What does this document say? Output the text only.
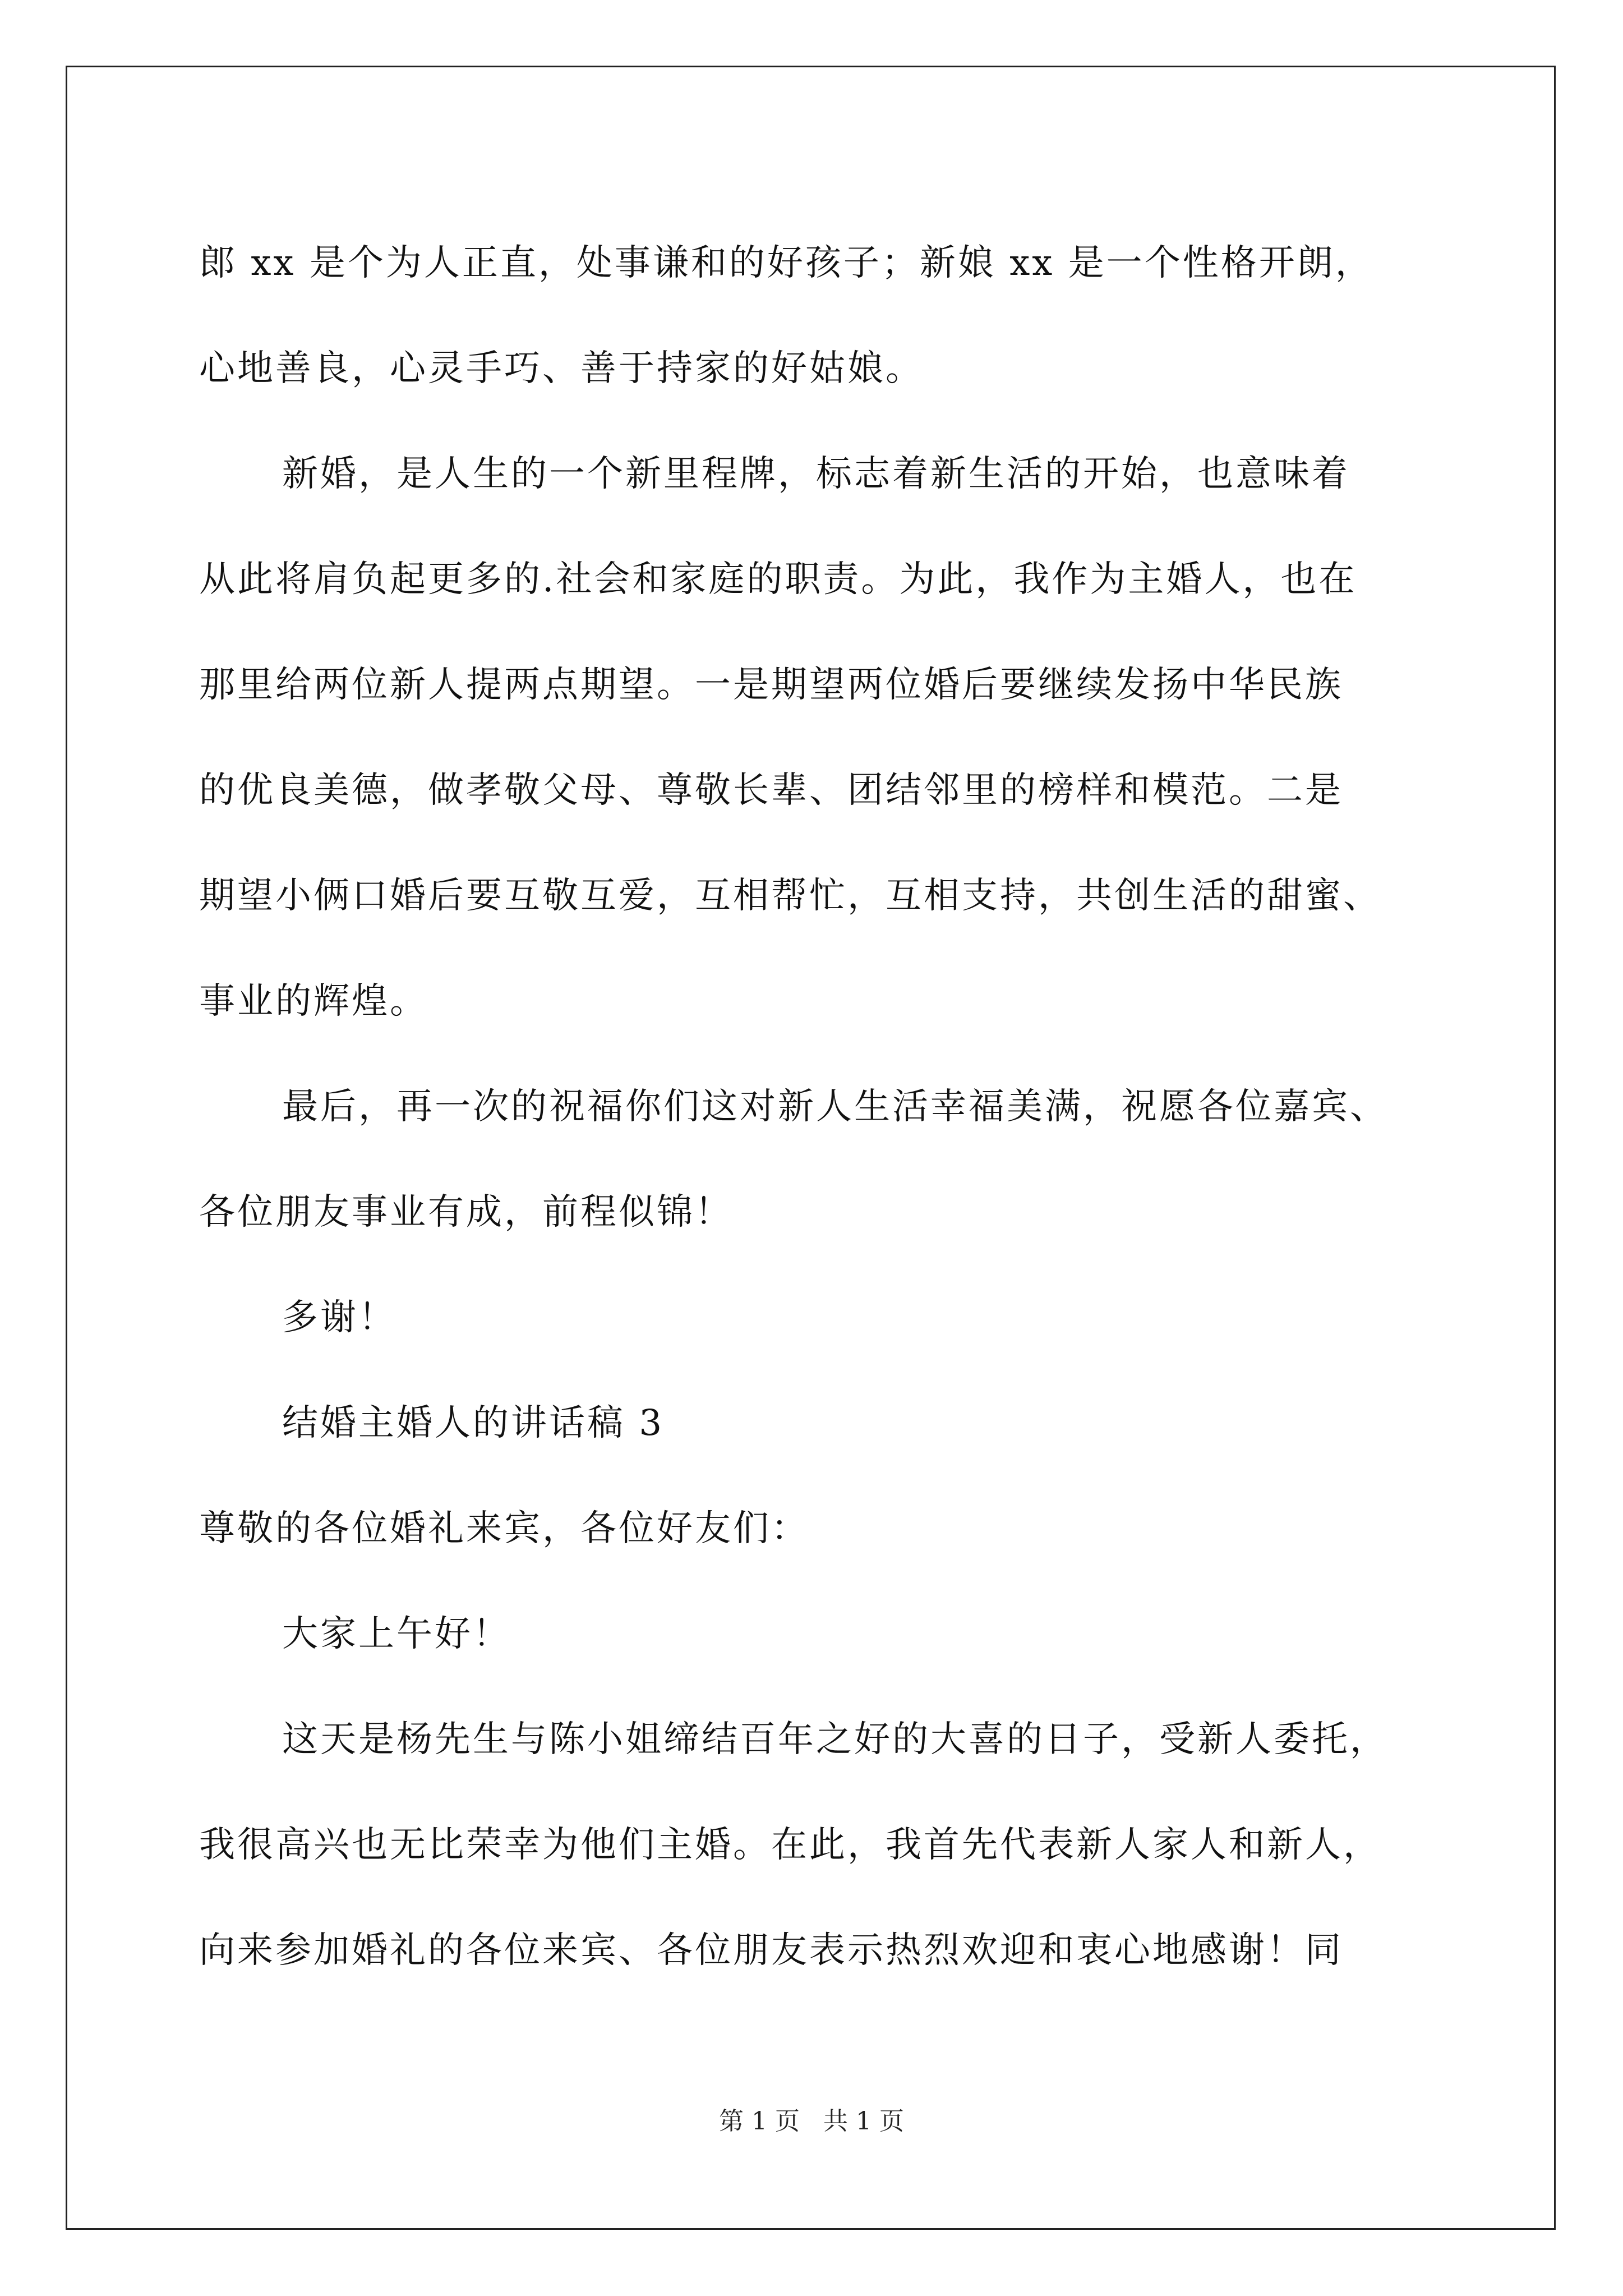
郎 xx 是个为人正直，处事谦和的好孩子；新娘 xx 是一个性格开朗，
心地善良，心灵手巧、善于持家的好姑娘。
新婚，是人生的一个新里程牌，标志着新生活的开始，也意味着
从此将肩负起更多的.社会和家庭的职责。为此，我作为主婚人，也在
那里给两位新人提两点期望。一是期望两位婚后要继续发扬中华民族
的优良美德，做孝敬父母、尊敬长辈、团结邻里的榜样和模范。二是
期望小俩口婚后要互敬互爱，互相帮忙，互相支持，共创生活的甜蜜、
事业的辉煌。
最后，再一次的祝福你们这对新人生活幸福美满，祝愿各位嘉宾、
各位朋友事业有成，前程似锦！
多谢！
结婚主婚人的讲话稿 3
尊敬的各位婚礼来宾，各位好友们：
大家上午好！
这天是杨先生与陈小姐缔结百年之好的大喜的日子，受新人委托，
我很高兴也无比荣幸为他们主婚。在此，我首先代表新人家人和新人，
向来参加婚礼的各位来宾、各位朋友表示热烈欢迎和衷心地感谢！同
第 1 页   共 1 页
